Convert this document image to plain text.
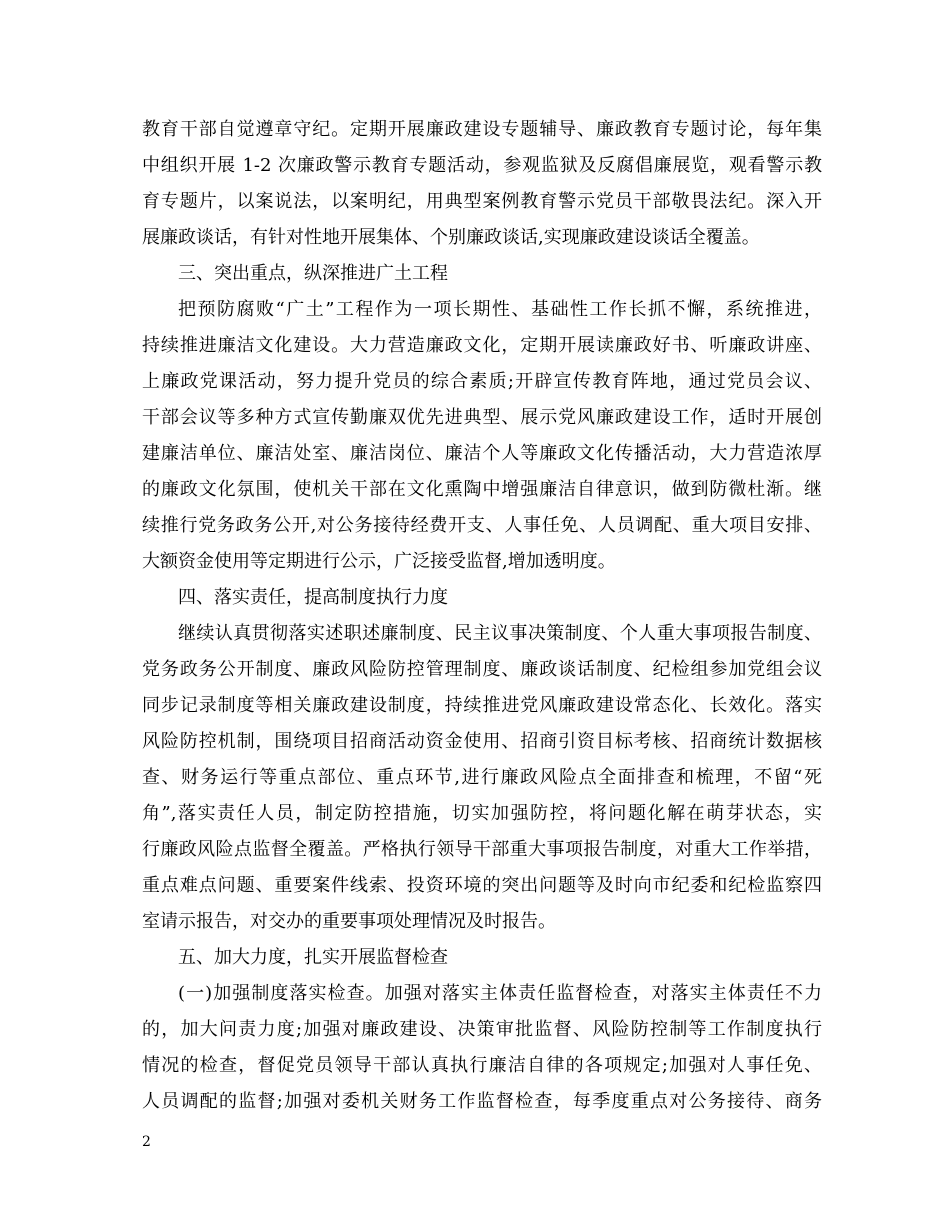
教育干部自觉遵章守纪。定期开展廉政建设专题辅导、廉政教育专题讨论，每年集
中组织开展 1-2 次廉政警示教育专题活动，参观监狱及反腐倡廉展览，观看警示教
育专题片，以案说法，以案明纪，用典型案例教育警示党员干部敬畏法纪。深入开
展廉政谈话，有针对性地开展集体、个别廉政谈话,实现廉政建设谈话全覆盖。
三、突出重点，纵深推进广土工程
把预防腐败“广土”工程作为一项长期性、基础性工作长抓不懈，系统推进，
持续推进廉洁文化建设。大力营造廉政文化，定期开展读廉政好书、听廉政讲座、
上廉政党课活动，努力提升党员的综合素质;开辟宣传教育阵地，通过党员会议、
干部会议等多种方式宣传勤廉双优先进典型、展示党风廉政建设工作，适时开展创
建廉洁单位、廉洁处室、廉洁岗位、廉洁个人等廉政文化传播活动，大力营造浓厚
的廉政文化氛围，使机关干部在文化熏陶中增强廉洁自律意识，做到防微杜渐。继
续推行党务政务公开,对公务接待经费开支、人事任免、人员调配、重大项目安排、
大额资金使用等定期进行公示，广泛接受监督,增加透明度。
四、落实责任，提高制度执行力度
继续认真贯彻落实述职述廉制度、民主议事决策制度、个人重大事项报告制度、
党务政务公开制度、廉政风险防控管理制度、廉政谈话制度、纪检组参加党组会议
同步记录制度等相关廉政建设制度，持续推进党风廉政建设常态化、长效化。落实
风险防控机制，围绕项目招商活动资金使用、招商引资目标考核、招商统计数据核
查、财务运行等重点部位、重点环节,进行廉政风险点全面排查和梳理，不留“死
角”,落实责任人员，制定防控措施，切实加强防控，将问题化解在萌芽状态，实
行廉政风险点监督全覆盖。严格执行领导干部重大事项报告制度，对重大工作举措，
重点难点问题、重要案件线索、投资环境的突出问题等及时向市纪委和纪检监察四
室请示报告，对交办的重要事项处理情况及时报告。
五、加大力度，扎实开展监督检查
(一)加强制度落实检查。加强对落实主体责任监督检查，对落实主体责任不力
的，加大问责力度;加强对廉政建设、决策审批监督、风险防控制等工作制度执行
情况的检查，督促党员领导干部认真执行廉洁自律的各项规定;加强对人事任免、
人员调配的监督;加强对委机关财务工作监督检查，每季度重点对公务接待、商务
2
